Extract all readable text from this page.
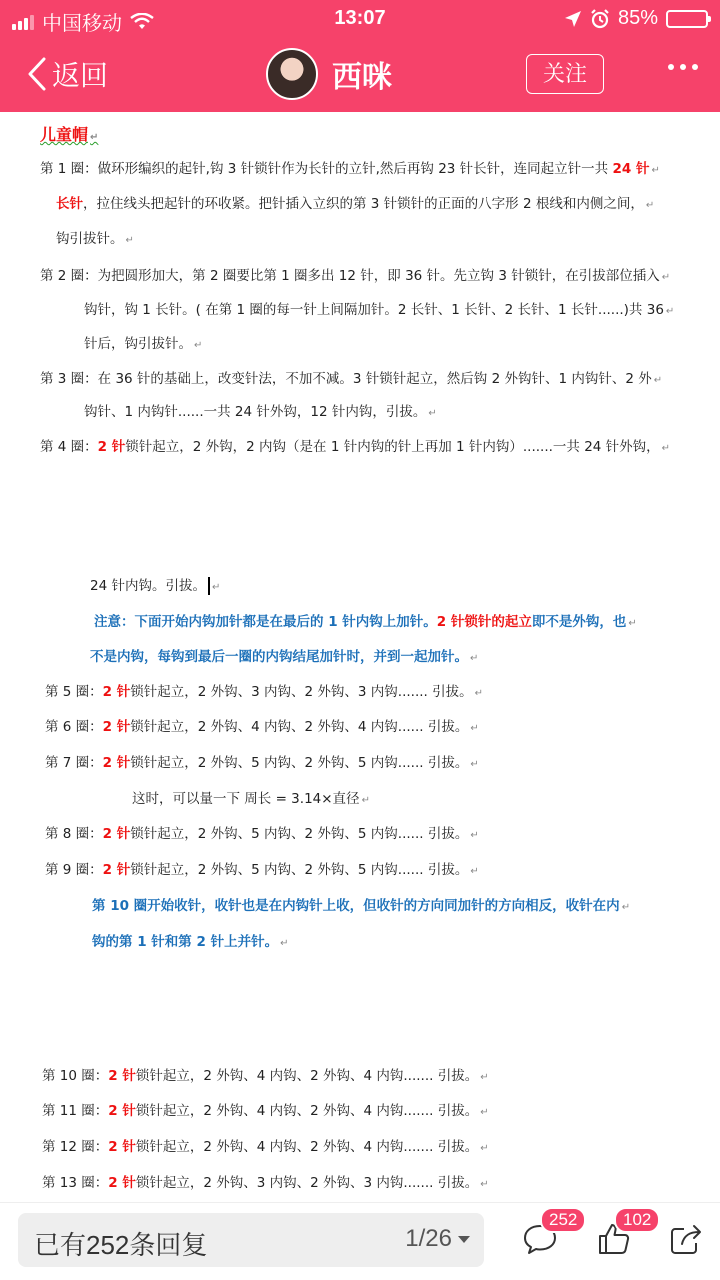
中国移动	13:07	85%
返回	西咪	关注
儿童帽 ↵
第 1 圈：做环形编织的起针,钩 3 针锁针作为长针的立针,然后再钩 23 针长针，连同起立针一共 24 针 ↵
长针，拉住线头把起针的环收紧。把针插入立织的第 3 针锁针的正面的八字形 2 根线和内侧之间， ↵
钩引拔针。 ↵
第 2 圈：为把圆形加大，第 2 圈要比第 1 圈多出 12 针，即 36 针。先立钩 3 针锁针，在引拔部位插入 ↵
钩针，钩 1 长针。( 在第 1 圈的每一针上间隔加针。2 长针、1 长针、2 长针、1 长针......)共 36 ↵
针后，钩引拔针。 ↵
第 3 圈：在 36 针的基础上，改变针法，不加不减。3 针锁针起立，然后钩 2 外钩针、1 内钩针、2 外 ↵
钩针、1 内钩针......一共 24 针外钩，12 针内钩，引拔。 ↵
第 4 圈：2 针锁针起立，2 外钩，2 内钩（是在 1 针内钩的针上再加 1 针内钩）.......一共 24 针外钩， ↵
24 针内钩。引拔。 ↵
注意：下面开始内钩加针都是在最后的 1 针内钩上加针。2 针锁针的起立即不是外钩，也 ↵
不是内钩，每钩到最后一圈的内钩结尾加针时，并到一起加针。 ↵
第 5 圈：2 针锁针起立，2 外钩、3 内钩、2 外钩、3 内钩....... 引拔。 ↵
第 6 圈：2 针锁针起立，2 外钩、4 内钩、2 外钩、4 内钩...... 引拔。 ↵
第 7 圈：2 针锁针起立，2 外钩、5 内钩、2 外钩、5 内钩...... 引拔。 ↵
这时，可以量一下 周长 = 3.14×直径 ↵
第 8 圈：2 针锁针起立，2 外钩、5 内钩、2 外钩、5 内钩...... 引拔。 ↵
第 9 圈：2 针锁针起立，2 外钩、5 内钩、2 外钩、5 内钩...... 引拔。 ↵
第 10 圈开始收针，收针也是在内钩针上收，但收针的方向同加针的方向相反，收针在内 ↵
钩的第 1 针和第 2 针上并针。 ↵
第 10 圈：2 针锁针起立，2 外钩、4 内钩、2 外钩、4 内钩....... 引拔。 ↵
第 11 圈：2 针锁针起立，2 外钩、4 内钩、2 外钩、4 内钩....... 引拔。 ↵
第 12 圈：2 针锁针起立，2 外钩、4 内钩、2 外钩、4 内钩....... 引拔。 ↵
第 13 圈：2 针锁针起立，2 外钩、3 内钩、2 外钩、3 内钩....... 引拔。 ↵
已有252条回复	1/26
252	102
